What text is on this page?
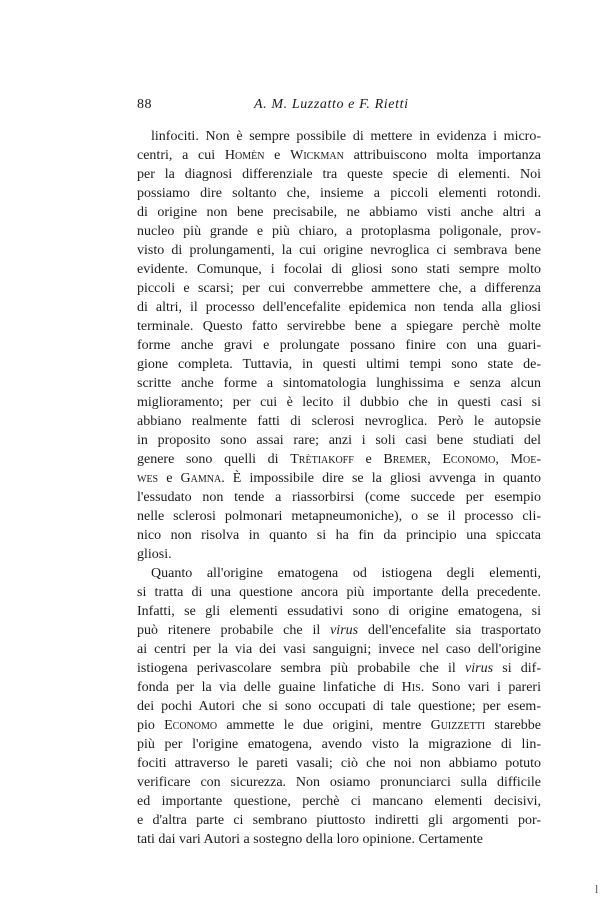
88	A. M. Luzzatto e F. Rietti
linfociti. Non è sempre possibile di mettere in evidenza i micro-
centri, a cui Homèn e Wickman attribuiscono molta importanza
per la diagnosi differenziale tra queste specie di elementi. Noi
possiamo dire soltanto che, insieme a piccoli elementi rotondi.
di origine non bene precisabile, ne abbiamo visti anche altri a
nucleo più grande e più chiaro, a protoplasma poligonale, prov-
visto di prolungamenti, la cui origine nevroglica ci sembrava bene
evidente. Comunque, i focolai di gliosi sono stati sempre molto
piccoli e scarsi; per cui converrebbe ammettere che, a differenza
di altri, il processo dell'encefalite epidemica non tenda alla gliosi
terminale. Questo fatto servirebbe bene a spiegare perchè molte
forme anche gravi e prolungate possano finire con una guari-
gione completa. Tuttavia, in questi ultimi tempi sono state de-
scritte anche forme a sintomatologia lunghissima e senza alcun
miglioramento; per cui è lecito il dubbio che in questi casi si
abbiano realmente fatti di sclerosi nevroglica. Però le autopsie
in proposito sono assai rare; anzi i soli casi bene studiati del
genere sono quelli di Trètiakoff e Bremer, Economo, Moe-
wes e Gamna. È impossibile dire se la gliosi avvenga in quanto
l'essudato non tende a riassorbirsi (come succede per esempio
nelle sclerosi polmonari metapneumoniche), o se il processo cli-
nico non risolva in quanto si ha fin da principio una spiccata
gliosi.
Quanto all'origine ematogena od istiogena degli elementi,
si tratta di una questione ancora più importante della precedente.
Infatti, se gli elementi essudativi sono di origine ematogena, si
può ritenere probabile che il virus dell'encefalite sia trasportato
ai centri per la via dei vasi sanguigni; invece nel caso dell'origine
istiogena perivascolare sembra più probabile che il virus si dif-
fonda per la via delle guaine linfatiche di His. Sono vari i pareri
dei pochi Autori che si sono occupati di tale questione; per esem-
pio Economo ammette le due origini, mentre Guizzetti starebbe
più per l'origine ematogena, avendo visto la migrazione di lin-
fociti attraverso le pareti vasali; ciò che noi non abbiamo potuto
verificare con sicurezza. Non osiamo pronunciarci sulla difficile
ed importante questione, perchè ci mancano elementi decisivi,
e d'altra parte ci sembrano piuttosto indiretti gli argomenti por-
tati dai vari Autori a sostegno della loro opinione. Certamente
l
